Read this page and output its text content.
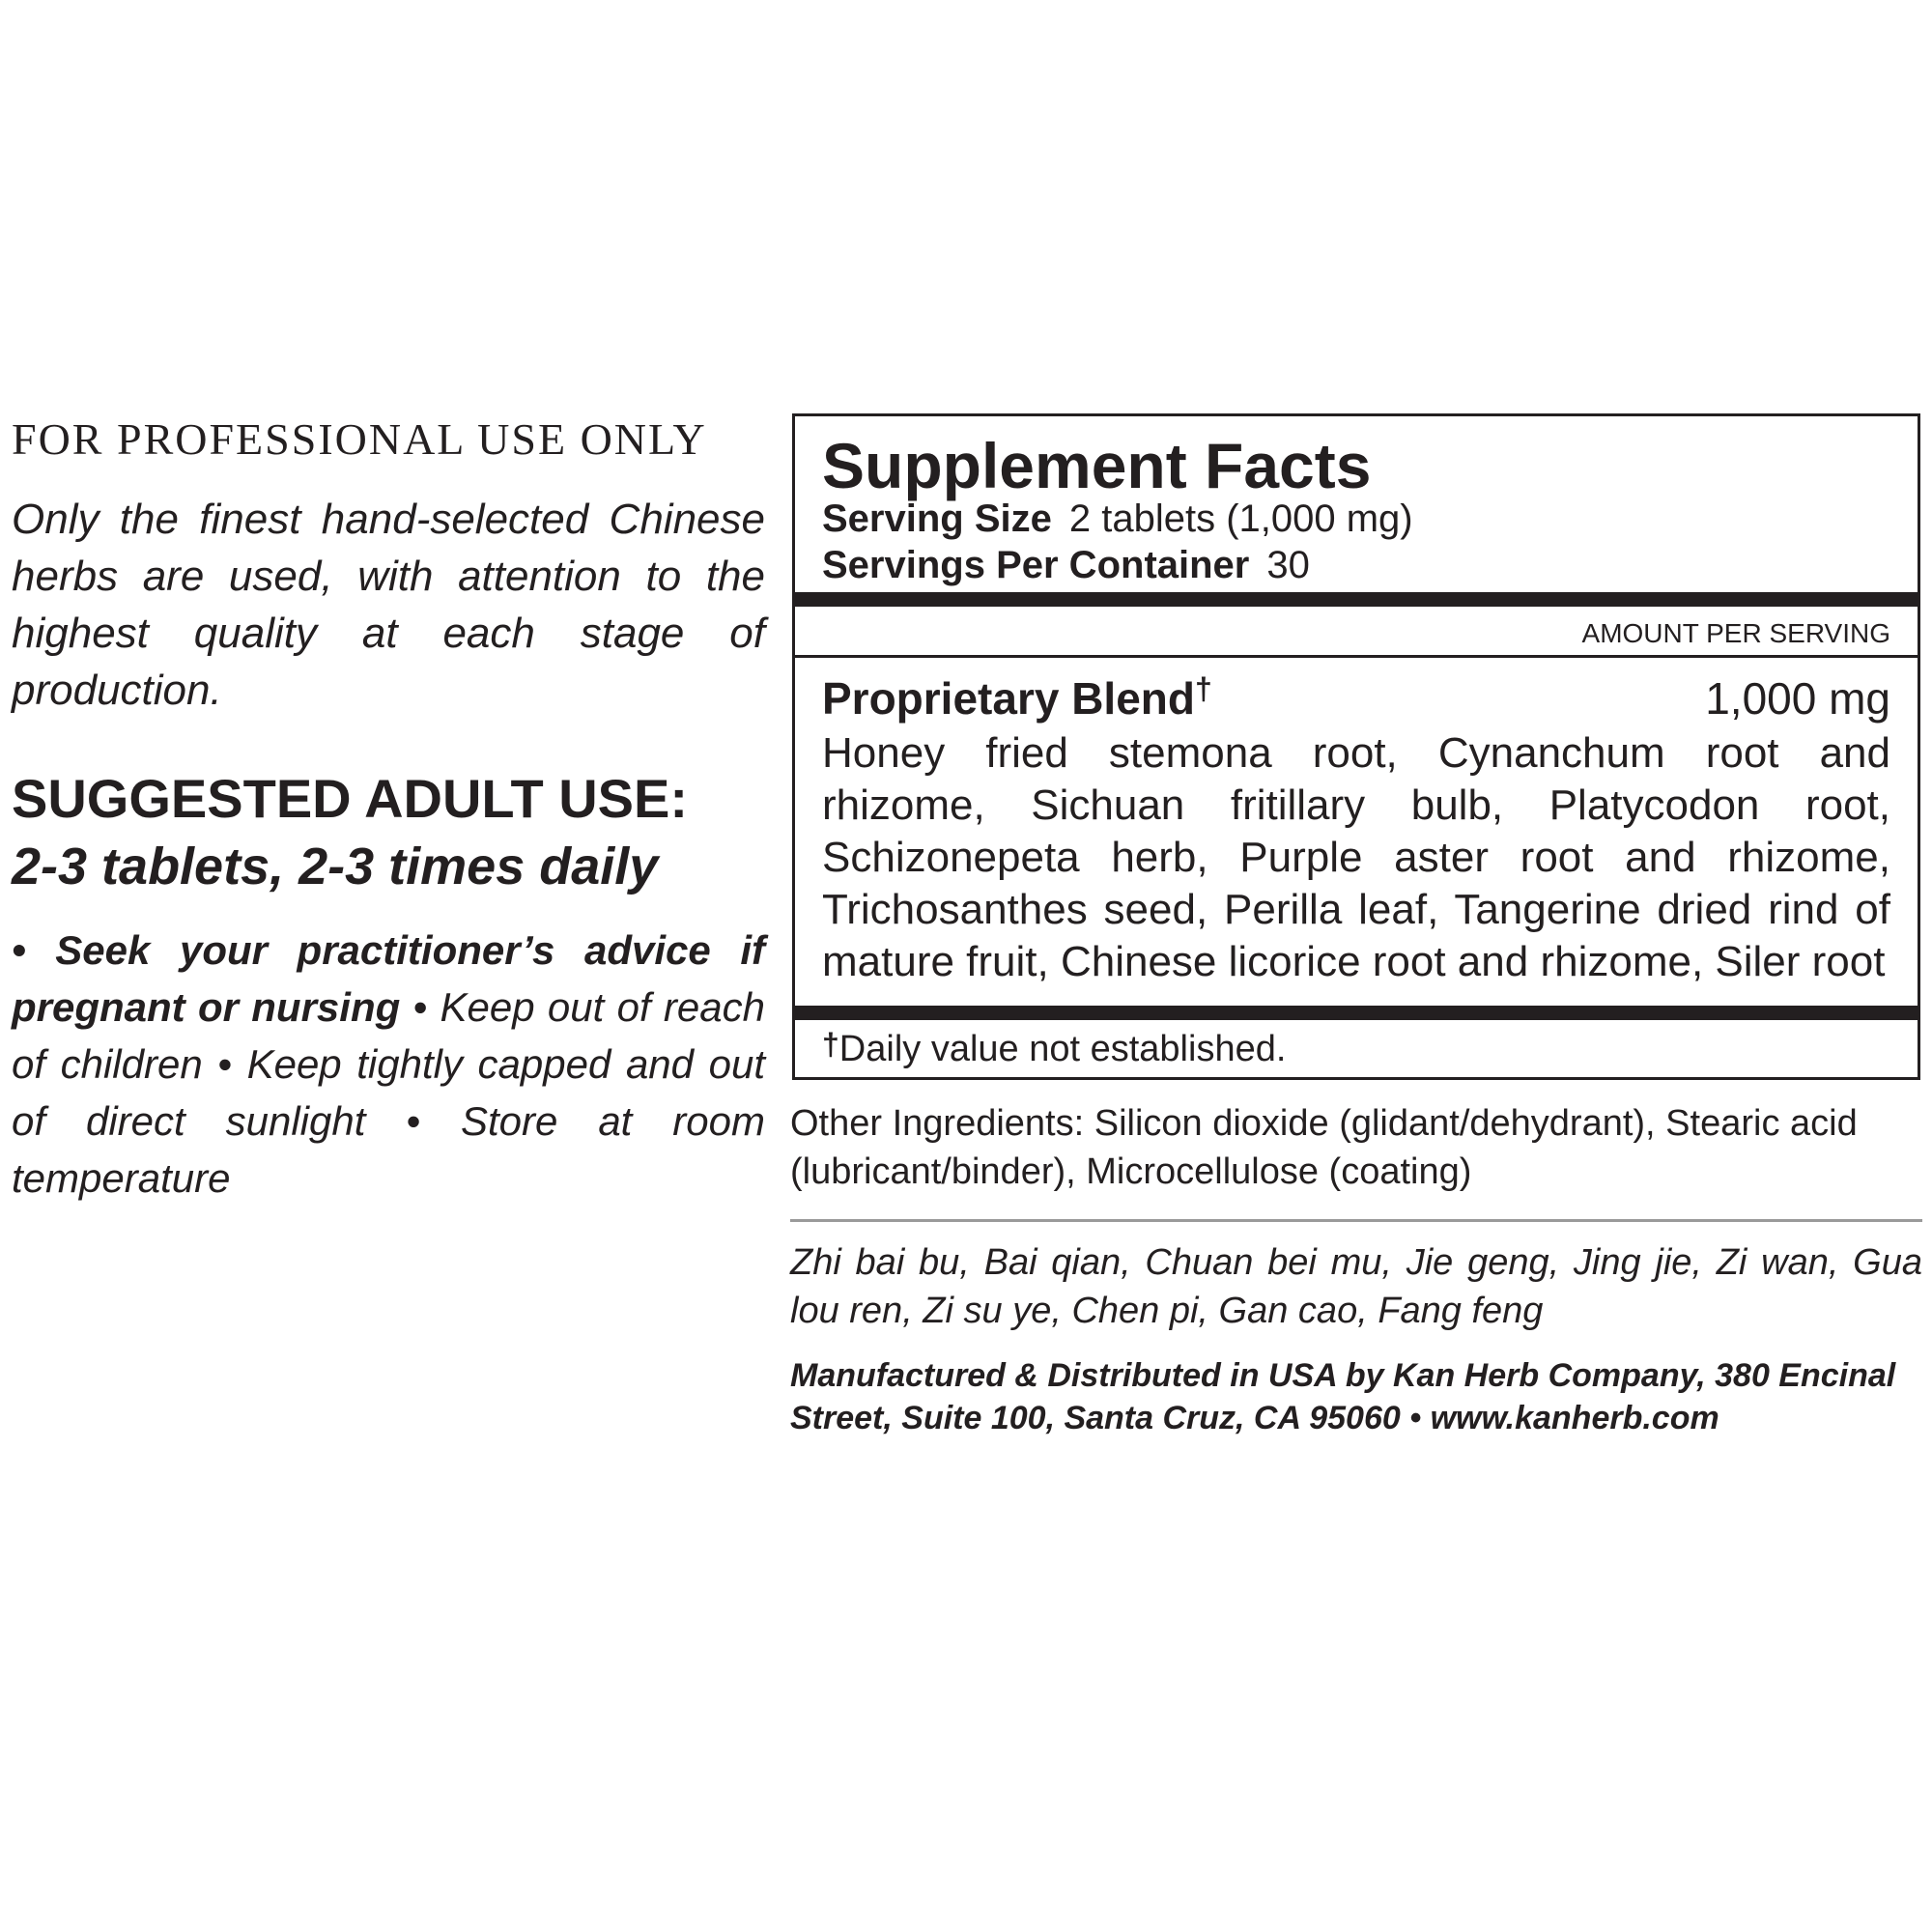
FOR PROFESSIONAL USE ONLY
Only the finest hand-selected Chinese herbs are used, with attention to the highest quality at each stage of production.
SUGGESTED ADULT USE:
2-3 tablets, 2-3 times daily
• Seek your practitioner’s advice if pregnant or nursing • Keep out of reach of children • Keep tightly capped and out of direct sunlight • Store at room temperature
Supplement Facts
Serving Size 2 tablets (1,000 mg)
Servings Per Container 30
AMOUNT PER SERVING
Proprietary Blend†	1,000 mg
Honey fried stemona root, Cynanchum root and rhizome, Sichuan fritillary bulb, Platycodon root, Schizonepeta herb, Purple aster root and rhizome, Trichosanthes seed, Perilla leaf, Tangerine dried rind of mature fruit, Chinese licorice root and rhizome, Siler root
†Daily value not established.
Other Ingredients: Silicon dioxide (glidant/dehydrant), Stearic acid (lubricant/binder), Microcellulose (coating)
Zhi bai bu, Bai qian, Chuan bei mu, Jie geng, Jing jie, Zi wan, Gua lou ren, Zi su ye, Chen pi, Gan cao, Fang feng
Manufactured & Distributed in USA by Kan Herb Company, 380 Encinal Street, Suite 100, Santa Cruz, CA 95060 • www.kanherb.com
